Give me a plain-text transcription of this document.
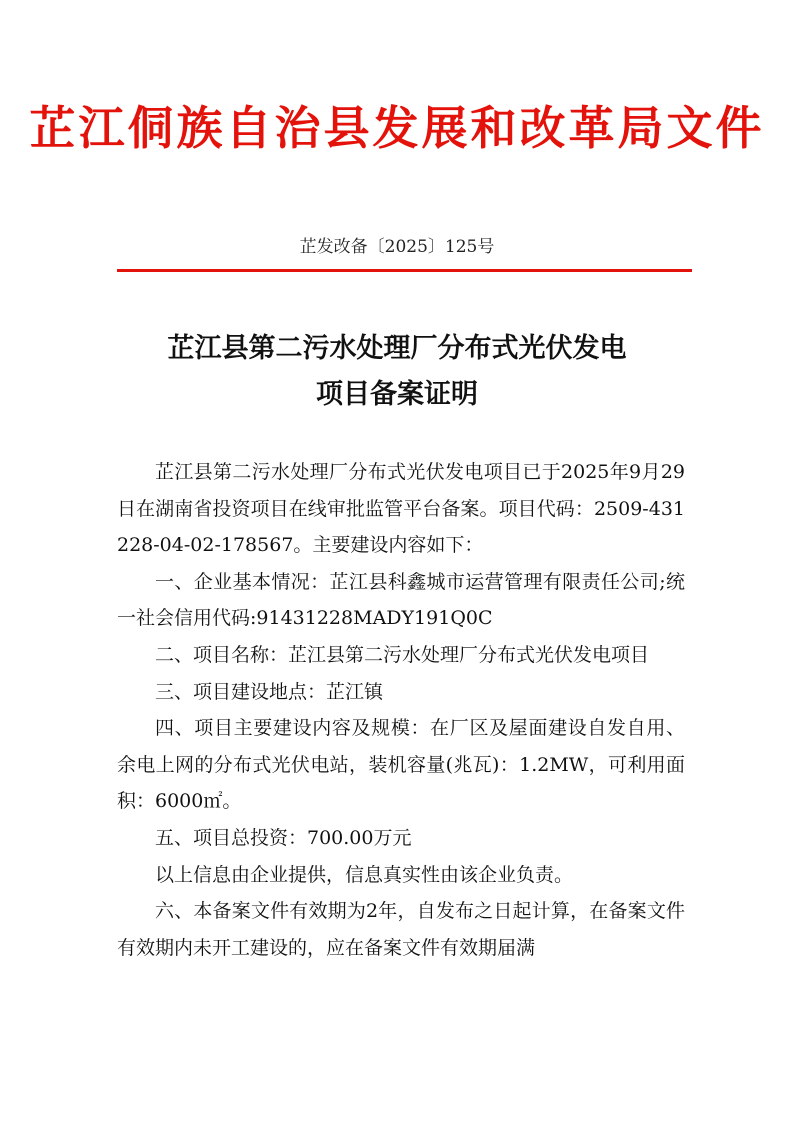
芷江侗族自治县发展和改革局文件
芷发改备〔2025〕125号
芷江县第二污水处理厂分布式光伏发电
项目备案证明

芷江县第二污水处理厂分布式光伏发电项目已于2025年9月29日在湖南省投资项目在线审批监管平台备案。项目代码：2509-431228-04-02-178567。主要建设内容如下：

一、企业基本情况：芷江县科鑫城市运营管理有限责任公司;统一社会信用代码:91431228MADY191Q0C

二、项目名称：芷江县第二污水处理厂分布式光伏发电项目

三、项目建设地点：芷江镇

四、项目主要建设内容及规模：在厂区及屋面建设自发自用、余电上网的分布式光伏电站，装机容量(兆瓦)：1.2MW，可利用面积：6000㎡。

五、项目总投资：700.00万元

以上信息由企业提供，信息真实性由该企业负责。

六、本备案文件有效期为2年，自发布之日起计算，在备案文件有效期内未开工建设的，应在备案文件有效期届满
